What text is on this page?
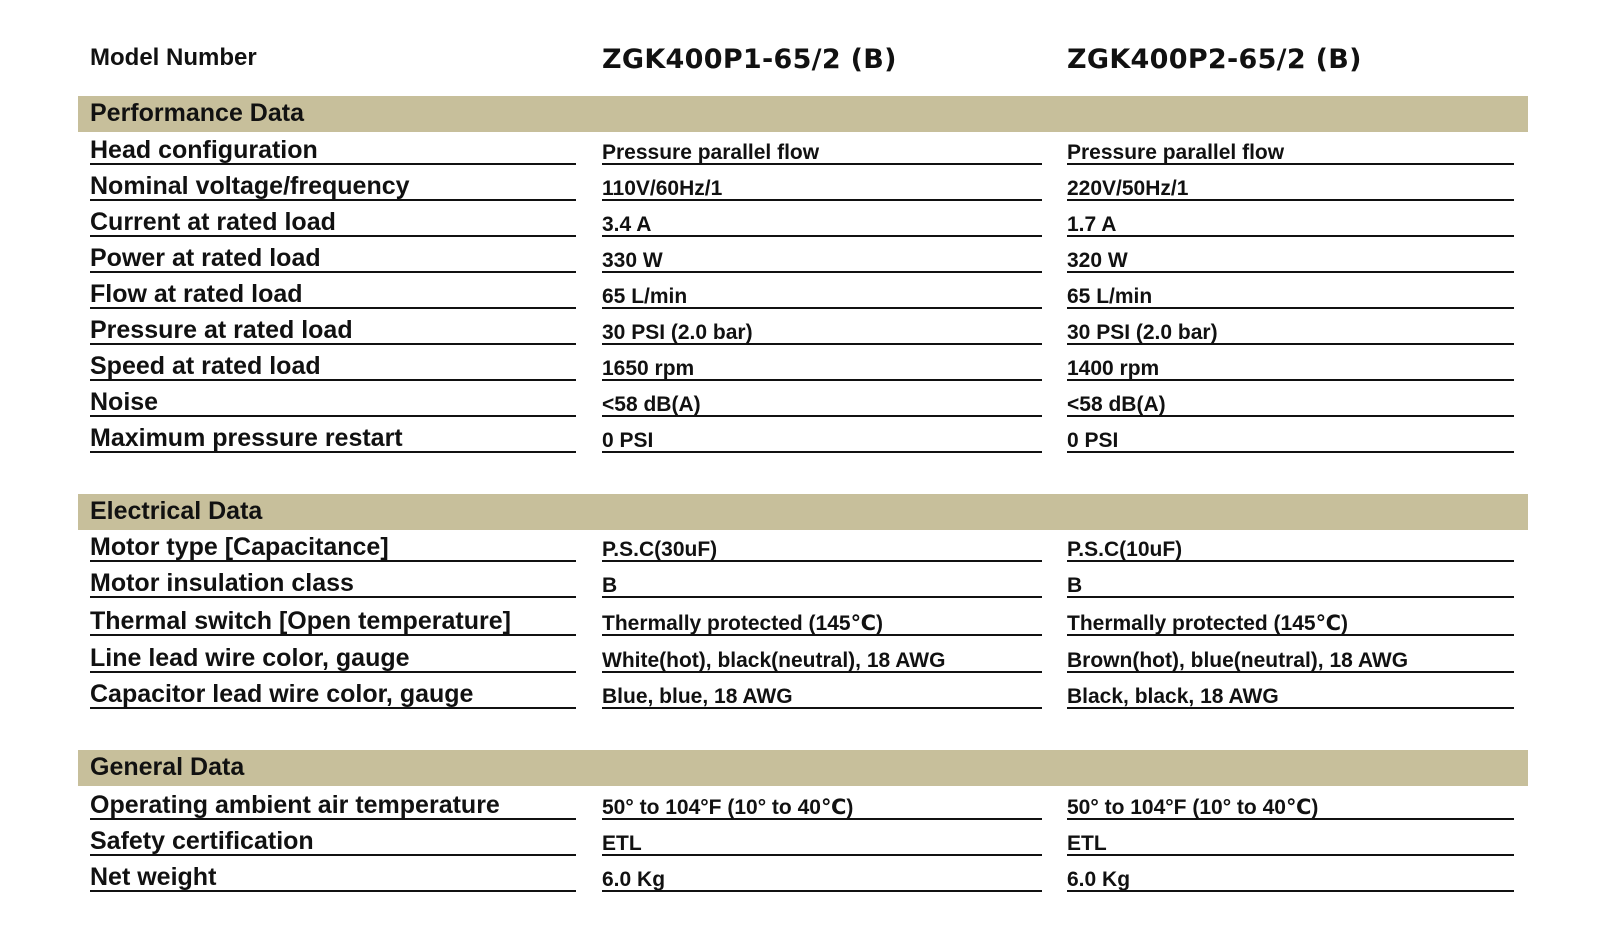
Model Number	ZGK400P1-65/2 (B)	ZGK400P2-65/2 (B)
Performance Data
Electrical Data
General Data
Head configuration	Pressure parallel flow	Pressure parallel flow
Nominal voltage/frequency	110V/60Hz/1	220V/50Hz/1
Current at rated load	3.4 A	1.7 A
Power at rated load	330 W	320 W
Flow at rated load	65 L/min	65 L/min
Pressure at rated load	30 PSI (2.0 bar)	30 PSI (2.0 bar)
Speed at rated load	1650 rpm	1400 rpm
Noise	<58 dB(A)	<58 dB(A)
Maximum pressure restart	0 PSI	0 PSI
Motor type [Capacitance]	P.S.C(30uF)	P.S.C(10uF)
Motor insulation class	B	B
Thermal switch [Open temperature]	Thermally protected (145℃)	Thermally protected (145℃)
Line lead wire color, gauge	White(hot), black(neutral), 18 AWG	Brown(hot), blue(neutral), 18 AWG
Capacitor lead wire color, gauge	Blue, blue, 18 AWG	Black, black, 18 AWG
Operating ambient air temperature	50° to 104°F (10° to 40℃)	50° to 104°F (10° to 40℃)
Safety certification	ETL	ETL
Net weight	6.0 Kg	6.0 Kg
